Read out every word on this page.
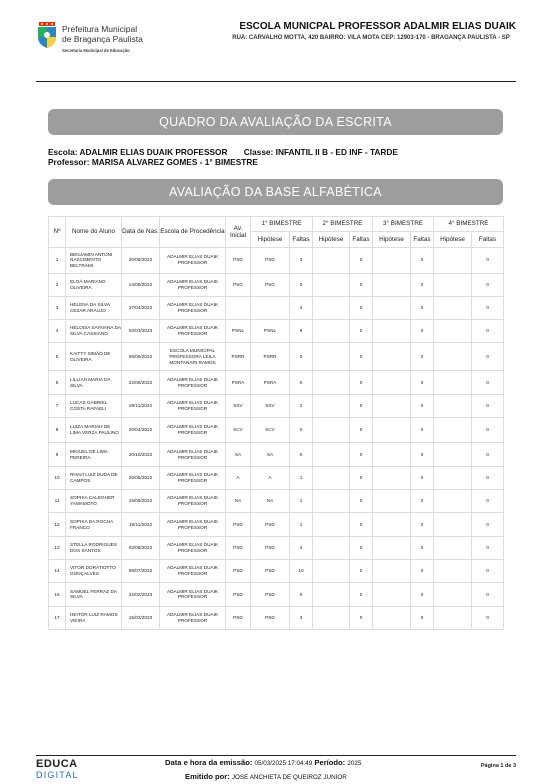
Prefeitura Municipal
de Bragança Paulista
Secretaria Municipal de Educação
ESCOLA MUNICPAL PROFESSOR ADALMIR ELIAS DUAIK
RUA: CARVALHO MOTTA, 420 BAIRRO: VILA MOTA CEP: 12903-170 - BRAGANÇA PAULISTA - SP
QUADRO DA AVALIAÇÃO DA ESCRITA
Escola: ADALMIR ELIAS DUAIK PROFESSOR Classe: INFANTIL II B - ED INF - TARDE
Professor: MARISA ALVAREZ GOMES - 1° BIMESTRE
AVALIAÇÃO DA BASE ALFABÉTICA
Nº	Nome do Aluno	Data de Nas.	Escola de Procedência	Av. Inicial	1° BIMESTRE		2° BIMESTRE		3° BIMESTRE		4° BIMESTRE	
					Hipótese	Faltas	Hipótese	Faltas	Hipótese	Faltas	Hipótese	Faltas
1	BENJAMIN ANTONI NASCIMENTO BELTRAMI	20/09/2022	ADALMIR ELIAS DUAIK PROFESSOR	PSD	PSD	3		0		0		0
2	ELOÁ MARIANO OLIVEIRA	14/09/2022	ADALMIR ELIAS DUAIK PROFESSOR	PSG	PSG	0		0		0		0
3	HELENA DA SILVA CEZAR ARAUJO	27/04/2022	ADALMIR ELIAS DUAIK PROFESSOR			4		0		0		0
4	HELOISA SAYNARA DA SILVA CASSIANO	02/03/2023	ADALMIR ELIAS DUAIK PROFESSOR	PSNL	PSNL	8		0		0		0
5	KAITTY SIMÃO DE OLIVEIRA	06/06/2022	ESCOLA MUNICIPAL PROFESSORA LEILA MONTANARI RAMOS	PSRR	PSRR	0		0		0		0
6	LILLIAN MARIA DA SILVA	22/06/2022	ADALMIR ELIAS DUAIK PROFESSOR	PSRA	PSRA	0		0		0		0
7	LUCAS GABRIEL COSTA RAFAELI	29/11/2022	ADALMIR ELIAS DUAIK PROFESSOR	SSV	SSV	2		0		0		0
8	LUIZA MARIAH DE LIMA VERZA PAULINO	20/04/2022	ADALMIR ELIAS DUAIK PROFESSOR	SCV	SCV	0		0		0		0
9	MIGUEL DE LIMA PEREIRA	20/10/2022	ADALMIR ELIAS DUAIK PROFESSOR	SA	SA	0		0		0		0
10	RHAVI LUIZ DUDA DE CAMPOS	26/05/2022	ADALMIR ELIAS DUAIK PROFESSOR	A	A	1		0		0		0
11	SOPHIA CALEGHER YAMAMOTO	15/05/2022	ADALMIR ELIAS DUAIK PROFESSOR	NA	NA	1		0		0		0
12	SOPHIA DA ROCHA FRANCO	19/11/2022	ADALMIR ELIAS DUAIK PROFESSOR	PSD	PSD	1		0		0		0
13	STELLA RODRIGUES DOS SANTOS	02/08/2022	ADALMIR ELIAS DUAIK PROFESSOR	PSD	PSD	4		0		0		0
14	VITOR DORATIOTTO GONÇALVES	06/07/2022	ADALMIR ELIAS DUAIK PROFESSOR	PSD	PSD	10		0		0		0
15	SAMUEL FERRAZ DA SILVA	22/02/2023	ADALMIR ELIAS DUAIK PROFESSOR	PSD	PSD	0		0		0		0
17	HEITOR LUIZ RAMOS VIEIRA	15/03/2023	ADALMIR ELIAS DUAIK PROFESSOR	PSD	PSD	3		0		0		0
EDUCA
DIGITAL
Data e hora da emissão: 05/03/2025 17:04:49 Período: 2025
Emitido por: JOSE ANCHIETA DE QUEIROZ JUNIOR
Página 1 de 3
